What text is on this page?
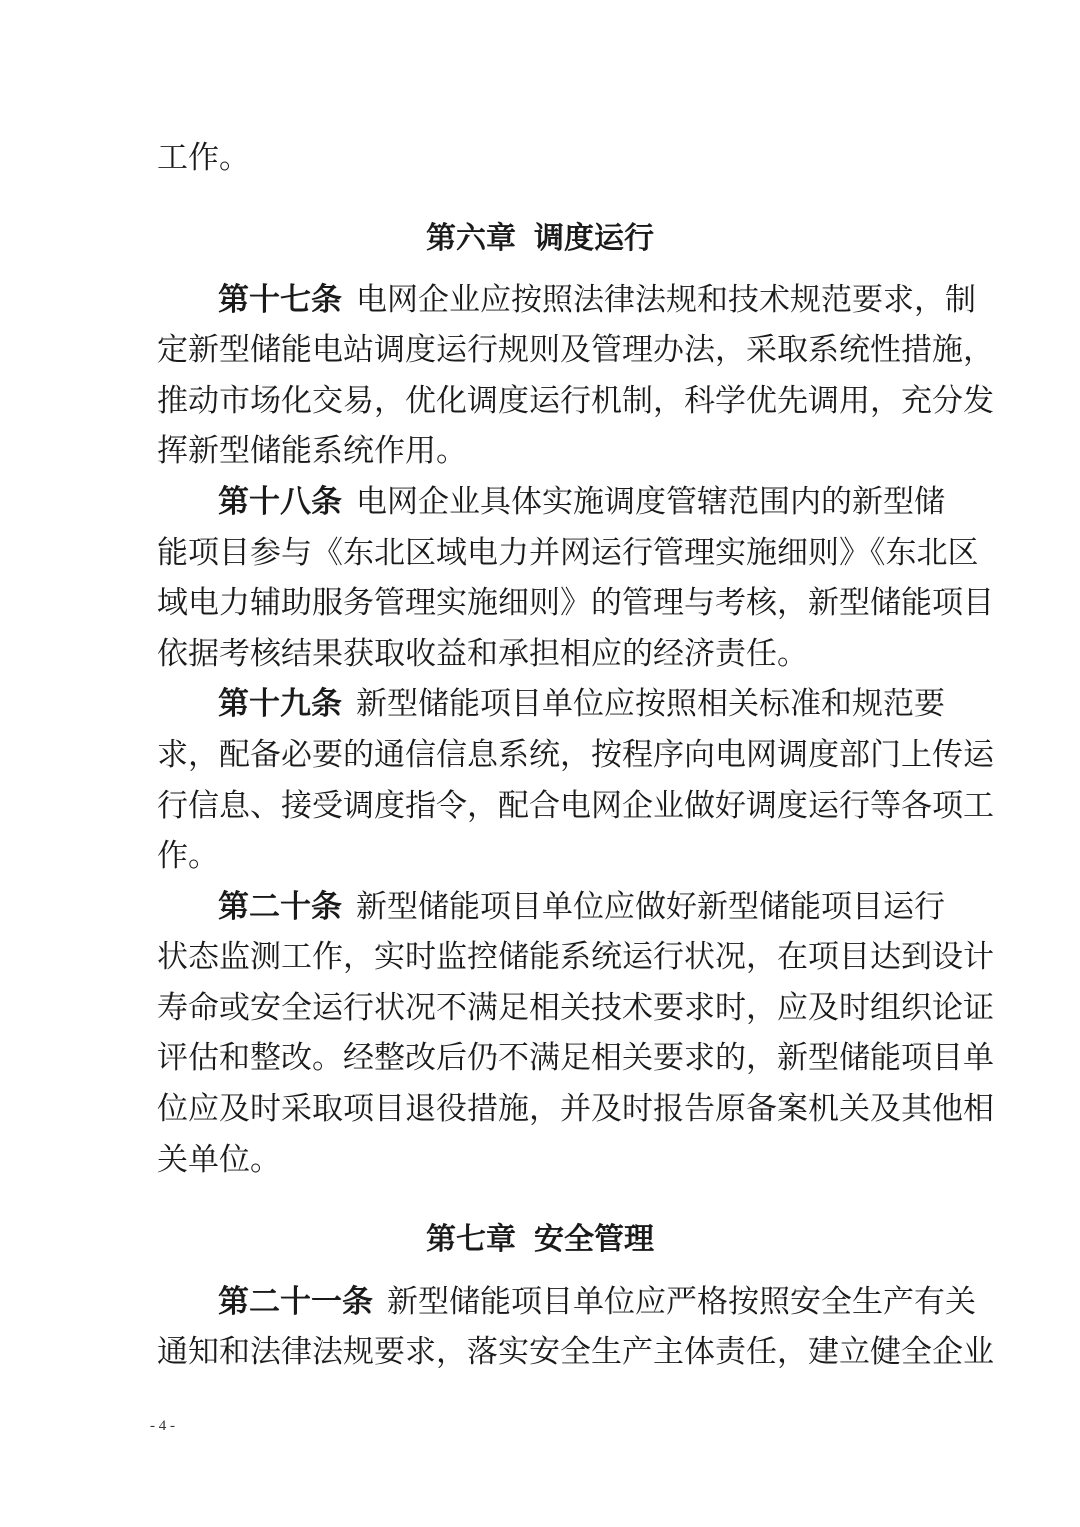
工作。
第六章 调度运行
第十七条 电网企业应按照法律法规和技术规范要求，制
定新型储能电站调度运行规则及管理办法，采取系统性措施，
推动市场化交易，优化调度运行机制，科学优先调用，充分发
挥新型储能系统作用。
第十八条 电网企业具体实施调度管辖范围内的新型储
能项目参与《东北区域电力并网运行管理实施细则》《东北区
域电力辅助服务管理实施细则》的管理与考核，新型储能项目
依据考核结果获取收益和承担相应的经济责任。
第十九条 新型储能项目单位应按照相关标准和规范要
求，配备必要的通信信息系统，按程序向电网调度部门上传运
行信息、接受调度指令，配合电网企业做好调度运行等各项工
作。
第二十条 新型储能项目单位应做好新型储能项目运行
状态监测工作，实时监控储能系统运行状况，在项目达到设计
寿命或安全运行状况不满足相关技术要求时，应及时组织论证
评估和整改。经整改后仍不满足相关要求的，新型储能项目单
位应及时采取项目退役措施，并及时报告原备案机关及其他相
关单位。
第七章 安全管理
第二十一条 新型储能项目单位应严格按照安全生产有关
通知和法律法规要求，落实安全生产主体责任，建立健全企业
- 4 -
